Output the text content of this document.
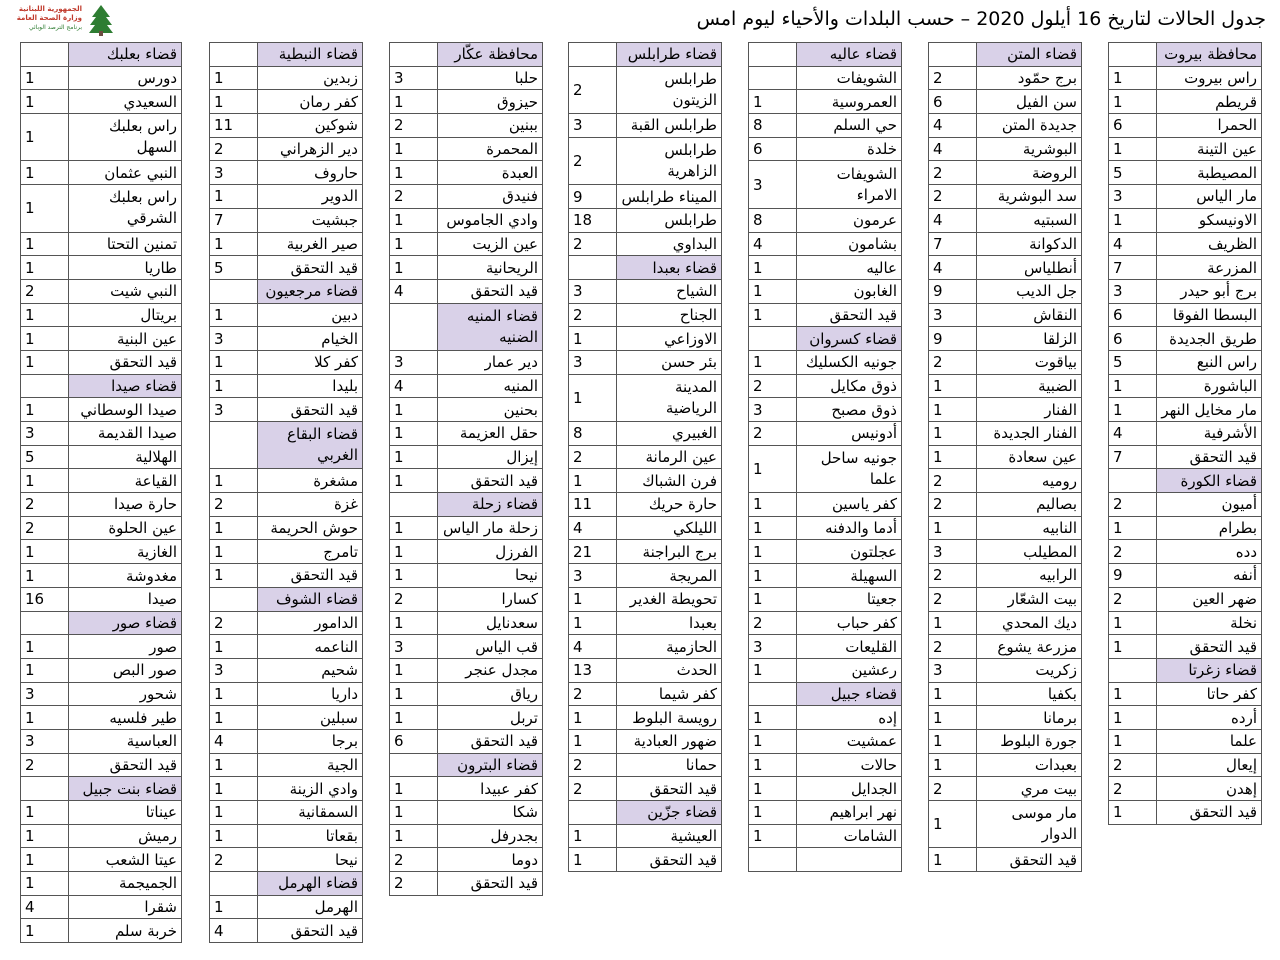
الجمهورية اللبنانية
وزارة الصحة العامة
برنامج الترصد الوبائي	جدول الحالات لتاريخ 16 أيلول 2020 – حسب البلدات والأحياء ليوم امس
محافظة بيروت
راس بيروت
1
قريطم
1
الحمرا
6
عين التينة
1
المصيطبة
5
مار الياس
3
الاونيسكو
1
الظريف
4
المزرعة
7
برج أبو حيدر
3
البسطا الفوقا
6
طريق الجديدة
6
راس النبع
5
الباشورة
1
مار مخايل النهر
1
الأشرفية
4
قيد التحقق
7
قضاء الكورة
أميون
2
بطرام
1
دده
2
أنفه
9
ضهر العين
2
نخلة
1
قيد التحقق
1
قضاء زغرتا
كفر حاتا
1
أرده
1
علما
1
إيعال
2
إهدن
2
قيد التحقق
1
قضاء المتن
برج حمّود
2
سن الفيل
6
جديدة المتن
4
البوشرية
4
الروضة
2
سد البوشرية
2
السبتيه
4
الدكوانة
7
أنطلياس
4
جل الديب
9
النقاش
3
الزلقا
9
بياقوت
2
الضبية
1
الفنار
1
الفنار الجديدة
1
عين سعادة
1
روميه
2
بصاليم
2
النابيه
1
المطيلب
3
الرابيه
2
بيت الشعّار
2
ديك المحدي
1
مزرعة يشوع
2
زكريت
3
بكفيا
1
برمانا
1
جورة البلوط
1
بعبدات
1
بيت مري
2
مار موسى
الدوار
1
قيد التحقق
1
قضاء عاليه
الشويفات
العمروسية
1
حي السلم
8
خلدة
6
الشويفات
الامراء
3
عرمون
8
بشامون
4
عاليه
1
الغابون
1
قيد التحقق
1
قضاء كسروان
جونيه الكسليك
1
ذوق مكايل
2
ذوق مصبح
3
أدونيس
2
جونيه ساحل
علما
1
كفر ياسين
1
أدما والدفنه
1
عجلتون
1
السهيلة
1
جعيتا
1
كفر حباب
2
القليعات
3
رعشين
1
قضاء جبيل
إده
1
عمشيت
1
حالات
1
الجدايل
1
نهر ابراهيم
1
الشامات
1
قضاء طرابلس
طرابلس
الزيتون
2
طرابلس القبة
3
طرابلس
الزاهرية
2
الميناء طرابلس
9
طرابلس
18
البداوي
2
قضاء بعبدا
الشياح
3
الجناح
2
الاوزاعي
1
بئر حسن
3
المدينة
الرياضية
1
الغبيري
8
عين الرمانة
2
فرن الشباك
1
حارة حريك
11
الليلكي
4
برج البراجنة
21
المريجة
3
تحويطة الغدير
1
بعبدا
1
الحازمية
4
الحدث
13
كفر شيما
2
رويسة البلوط
1
ضهور العبادية
1
حمانا
2
قيد التحقق
2
قضاء جزّين
العيشية
1
قيد التحقق
1
محافظة عكّار
حلبا
3
حيزوق
1
ببنين
2
المحمرة
1
العبدة
1
فنيدق
2
وادي الجاموس
1
عين الزيت
1
الريحانية
1
قيد التحقق
4
قضاء المنيه
الضنيه
دير عمار
3
المنيه
4
بحنين
1
حقل العزيمة
1
إيزال
1
قيد التحقق
1
قضاء زحلة
زحلة مار الياس
1
الفرزل
1
نيحا
1
كسارا
2
سعدنايل
1
قب الياس
3
مجدل عنجر
1
رياق
1
تربل
1
قيد التحقق
6
قضاء البترون
كفر عبيدا
1
شكا
1
بجدرفل
1
دوما
2
قيد التحقق
2
قضاء النبطية
زبدين
1
كفر رمان
1
شوكين
11
دير الزهراني
2
حاروف
3
الدوير
1
جبشيت
7
صير الغربية
1
قيد التحقق
5
قضاء مرجعيون
دبين
1
الخيام
3
كفر كلا
1
بليدا
1
قيد التحقق
3
قضاء البقاع
الغربي
مشغرة
1
غزة
2
حوش الحريمة
1
تامرج
1
قيد التحقق
1
قضاء الشوف
الدامور
2
الناعمه
1
شحيم
3
داريا
1
سبلين
1
برجا
4
الجية
1
وادي الزينة
1
السمقانية
1
بقعاتا
1
نيحا
2
قضاء الهرمل
الهرمل
1
قيد التحقق
4
قضاء بعلبك
دورس
1
السعيدي
1
راس بعلبك
السهل
1
النبي عثمان
1
راس بعلبك
الشرقي
1
تمنين التحتا
1
طاريا
1
النبي شيت
2
بريتال
1
عين البنية
1
قيد التحقق
1
قضاء صيدا
صيدا الوسطاني
1
صيدا القديمة
3
الهلالية
5
القياعة
1
حارة صيدا
2
عين الحلوة
2
الغازية
1
مغدوشة
1
صيدا
16
قضاء صور
صور
1
صور البص
1
شحور
3
طير فلسيه
1
العباسية
3
قيد التحقق
2
قضاء بنت جبيل
عيناتا
1
رميش
1
عيتا الشعب
1
الجميجمة
1
شقرا
4
خربة سلم
1
